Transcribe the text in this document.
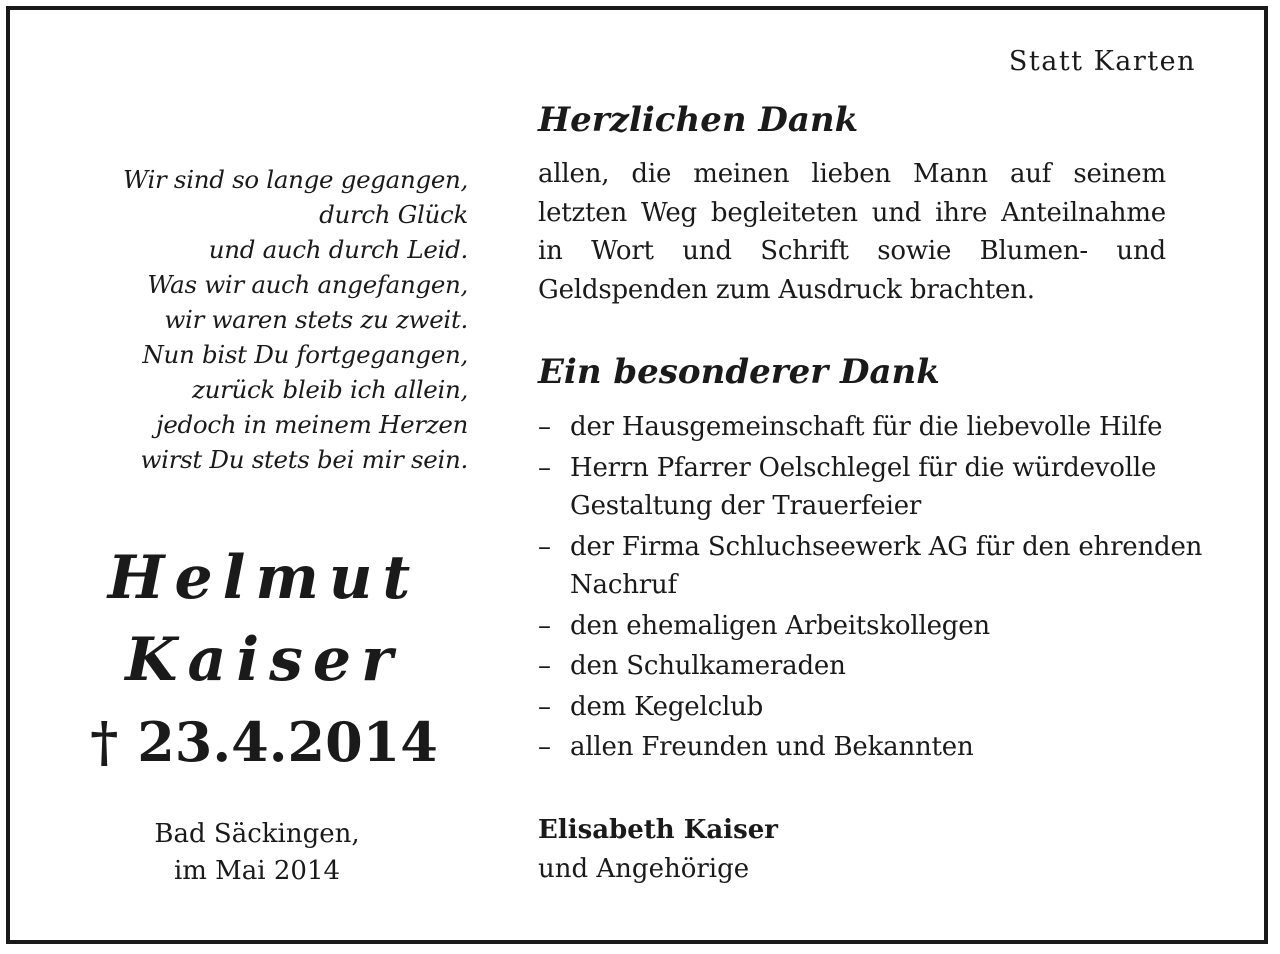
Statt Karten
Wir sind so lange gegangen,
durch Glück
und auch durch Leid.
Was wir auch angefangen,
wir waren stets zu zweit.
Nun bist Du fortgegangen,
zurück bleib ich allein,
jedoch in meinem Herzen
wirst Du stets bei mir sein.
Helmut
Kaiser
† 23.4.2014
Bad Säckingen,
im Mai 2014
Herzlichen Dank
allen, die meinen lieben Mann auf seinem
letzten Weg begleiteten und ihre Anteilnahme
in Wort und Schrift sowie Blumen- und
Geldspenden zum Ausdruck brachten.
Ein besonderer Dank
– der Hausgemeinschaft für die liebevolle Hilfe
– Herrn Pfarrer Oelschlegel für die würdevolle Gestaltung der Trauerfeier
– der Firma Schluchseewerk AG für den ehrenden Nachruf
– den ehemaligen Arbeitskollegen
– den Schulkameraden
– dem Kegelclub
– allen Freunden und Bekannten
Elisabeth Kaiser
und Angehörige
